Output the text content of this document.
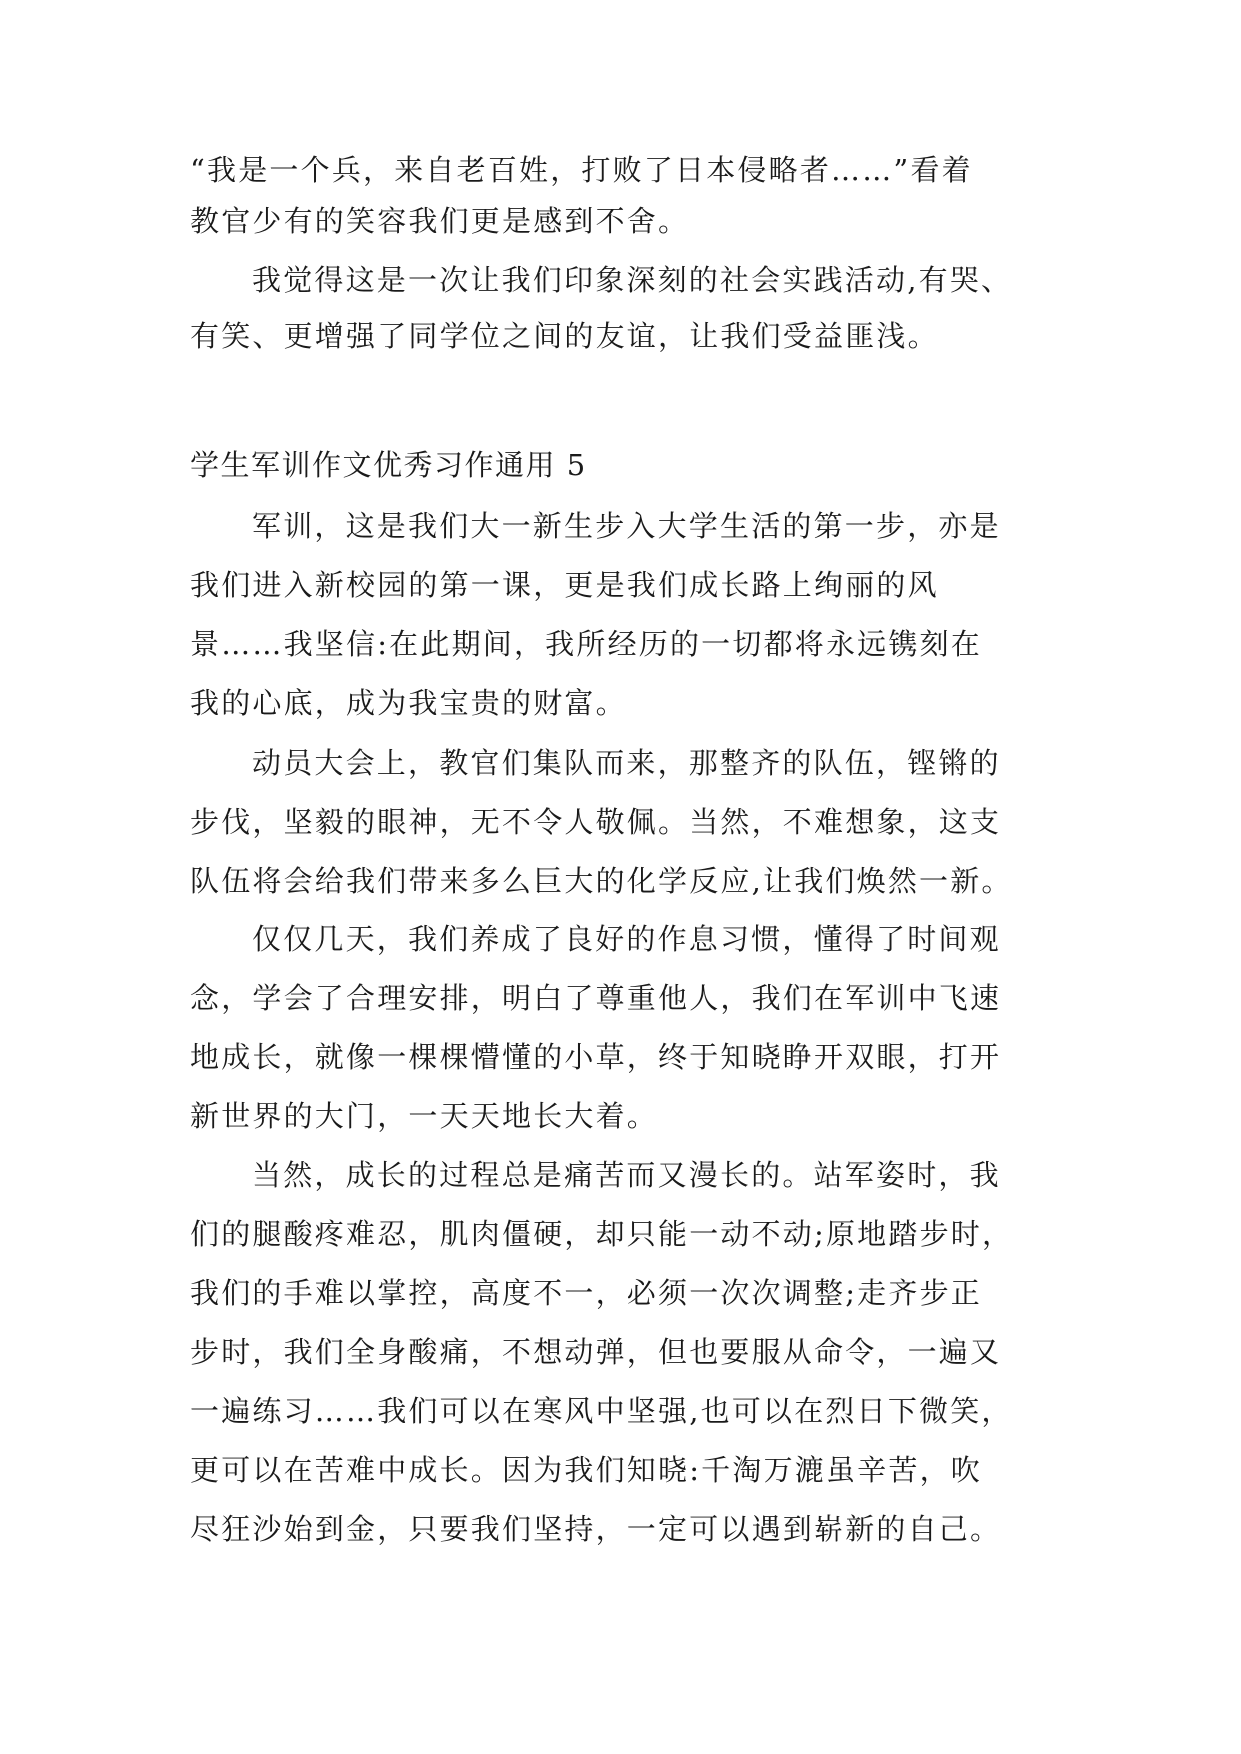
“我是一个兵，来自老百姓，打败了日本侵略者……”看着
教官少有的笑容我们更是感到不舍。
我觉得这是一次让我们印象深刻的社会实践活动,有哭、
有笑、更增强了同学位之间的友谊，让我们受益匪浅。
学生军训作文优秀习作通用 5
军训，这是我们大一新生步入大学生活的第一步，亦是
我们进入新校园的第一课，更是我们成长路上绚丽的风
景……我坚信:在此期间，我所经历的一切都将永远镌刻在
我的心底，成为我宝贵的财富。
动员大会上，教官们集队而来，那整齐的队伍，铿锵的
步伐，坚毅的眼神，无不令人敬佩。当然，不难想象，这支
队伍将会给我们带来多么巨大的化学反应,让我们焕然一新。
仅仅几天，我们养成了良好的作息习惯，懂得了时间观
念，学会了合理安排，明白了尊重他人，我们在军训中飞速
地成长，就像一棵棵懵懂的小草，终于知晓睁开双眼，打开
新世界的大门，一天天地长大着。
当然，成长的过程总是痛苦而又漫长的。站军姿时，我
们的腿酸疼难忍，肌肉僵硬，却只能一动不动;原地踏步时，
我们的手难以掌控，高度不一，必须一次次调整;走齐步正
步时，我们全身酸痛，不想动弹，但也要服从命令，一遍又
一遍练习……我们可以在寒风中坚强,也可以在烈日下微笑，
更可以在苦难中成长。因为我们知晓:千淘万漉虽辛苦，吹
尽狂沙始到金，只要我们坚持，一定可以遇到崭新的自己。
